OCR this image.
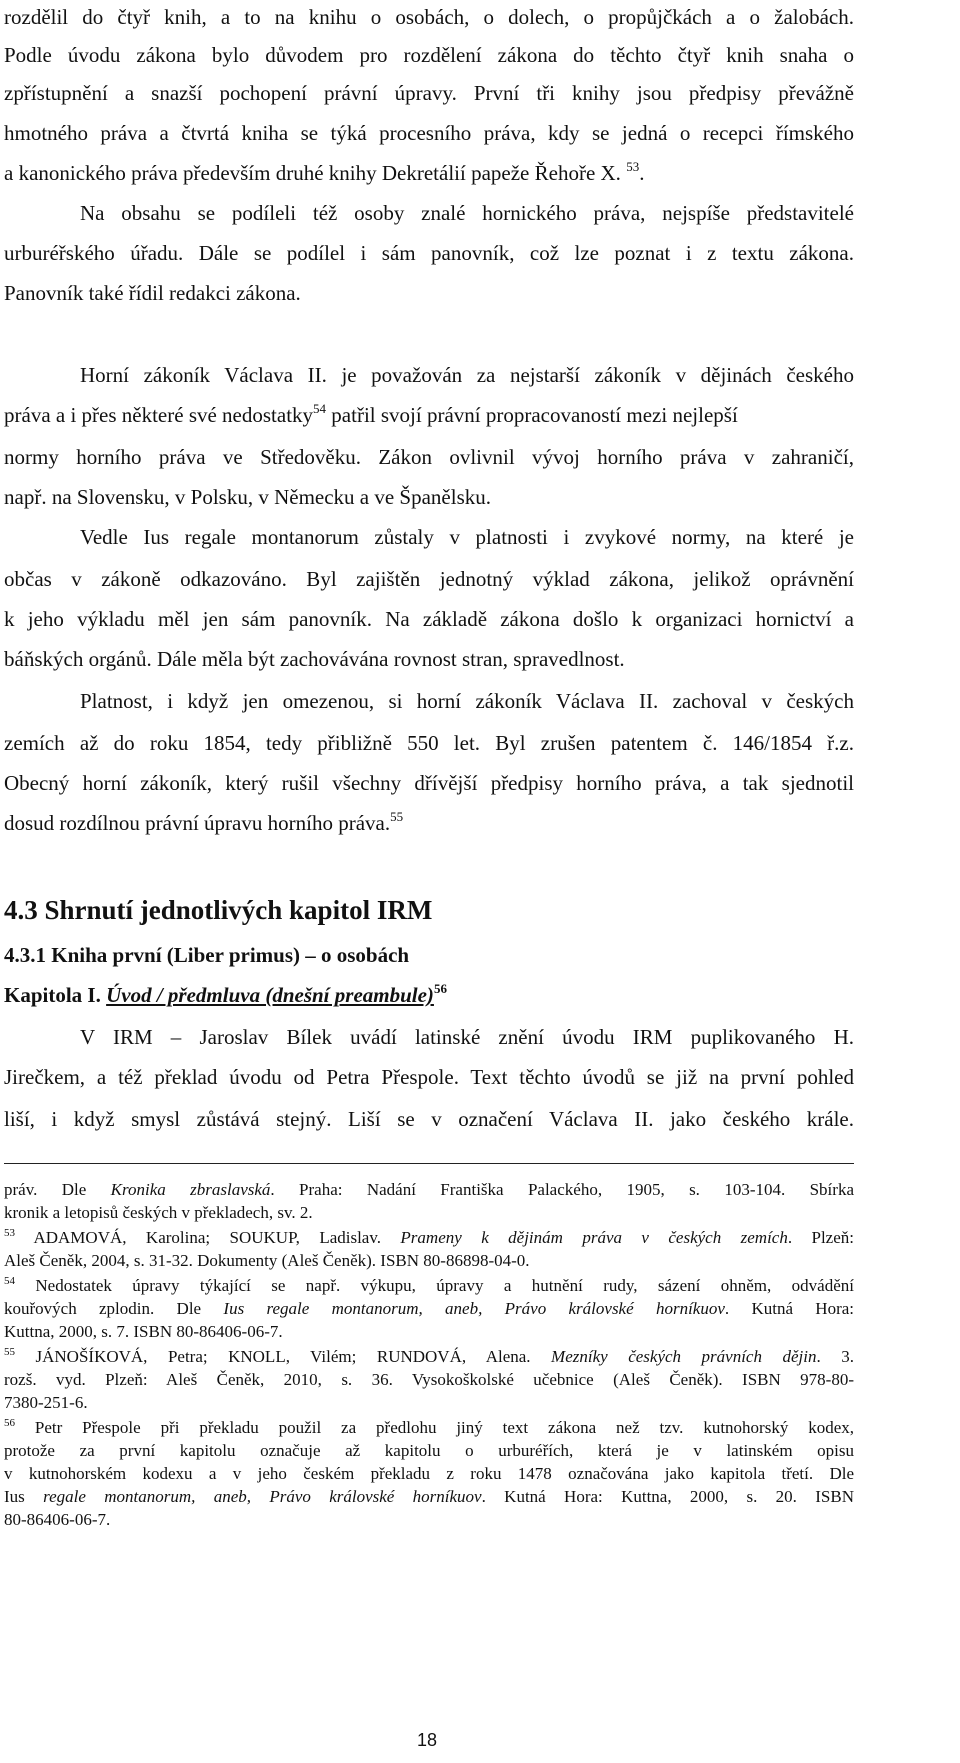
rozdělil do čtyř knih, a to na knihu o osobách, o dolech, o propůjčkách a o žalobách.
Podle úvodu zákona bylo důvodem pro rozdělení zákona do těchto čtyř knih snaha o
zpřístupnění a snazší pochopení právní úpravy. První tři knihy jsou předpisy převážně
hmotného práva a čtvrtá kniha se týká procesního práva, kdy se jedná o recepci římského
a kanonického práva především druhé knihy Dekretálií papeže Řehoře X. $^{53}$.
Na obsahu se podíleli též osoby znalé hornického práva, nejspíše představitelé
urburéřského úřadu. Dále se podílel i sám panovník, což lze poznat i z textu zákona.
Panovník také řídil redakci zákona.
Horní zákoník Václava II. je považován za nejstarší zákoník v dějinách českého
práva a i přes některé své nedostatky$^{54}$ patřil svojí právní propracovaností mezi nejlepší
normy horního práva ve Středověku. Zákon ovlivnil vývoj horního práva v zahraničí,
např. na Slovensku, v Polsku, v Německu a ve Španělsku.
Vedle Ius regale montanorum zůstaly v platnosti i zvykové normy, na které je
občas v zákoně odkazováno. Byl zajištěn jednotný výklad zákona, jelikož oprávnění
k jeho výkladu měl jen sám panovník. Na základě zákona došlo k organizaci hornictví a
báňských orgánů. Dále měla být zachovávána rovnost stran, spravedlnost.
Platnost, i když jen omezenou, si horní zákoník Václava II. zachoval v českých
zemích až do roku 1854, tedy přibližně 550 let. Byl zrušen patentem č. 146/1854 ř.z.
Obecný horní zákoník, který rušil všechny dřívější předpisy horního práva, a tak sjednotil
dosud rozdílnou právní úpravu horního práva.$^{55}$
4.3 Shrnutí jednotlivých kapitol IRM
4.3.1 Kniha první (Liber primus) – o osobách
Kapitola I. Úvod / předmluva (dnešní preambule)$^{56}$
V IRM – Jaroslav Bílek uvádí latinské znění úvodu IRM puplikovaného H.
Jirečkem, a též překlad úvodu od Petra Přespole. Text těchto úvodů se již na první pohled
liší, i když smysl zůstává stejný. Liší se v označení Václava II. jako českého krále.
práv. Dle Kronika zbraslavská. Praha: Nadání Františka Palackého, 1905, s. 103-104. Sbírka
kronik a letopisů českých v překladech, sv. 2.
$^{53}$ ADAMOVÁ, Karolina; SOUKUP, Ladislav. Prameny k dějinám práva v českých zemích. Plzeň:
Aleš Čeněk, 2004, s. 31-32. Dokumenty (Aleš Čeněk). ISBN 80-86898-04-0.
$^{54}$ Nedostatek úpravy týkající se např. výkupu, úpravy a hutnění rudy, sázení ohněm, odvádění
kouřových zplodin. Dle Ius regale montanorum, aneb, Právo královské horníkuov. Kutná Hora:
Kuttna, 2000, s. 7. ISBN 80-86406-06-7.
$^{55}$ JÁNOŠÍKOVÁ, Petra; KNOLL, Vilém; RUNDOVÁ, Alena. Mezníky českých právních dějin. 3.
rozš. vyd. Plzeň: Aleš Čeněk, 2010, s. 36. Vysokoškolské učebnice (Aleš Čeněk). ISBN 978-80-
7380-251-6.
$^{56}$ Petr Přespole při překladu použil za předlohu jiný text zákona než tzv. kutnohorský kodex,
protože za první kapitolu označuje až kapitolu o urburéřích, která je v latinském opisu
v kutnohorském kodexu a v jeho českém překladu z roku 1478 označována jako kapitola třetí. Dle
Ius regale montanorum, aneb, Právo královské horníkuov. Kutná Hora: Kuttna, 2000, s. 20. ISBN
80-86406-06-7.
18
